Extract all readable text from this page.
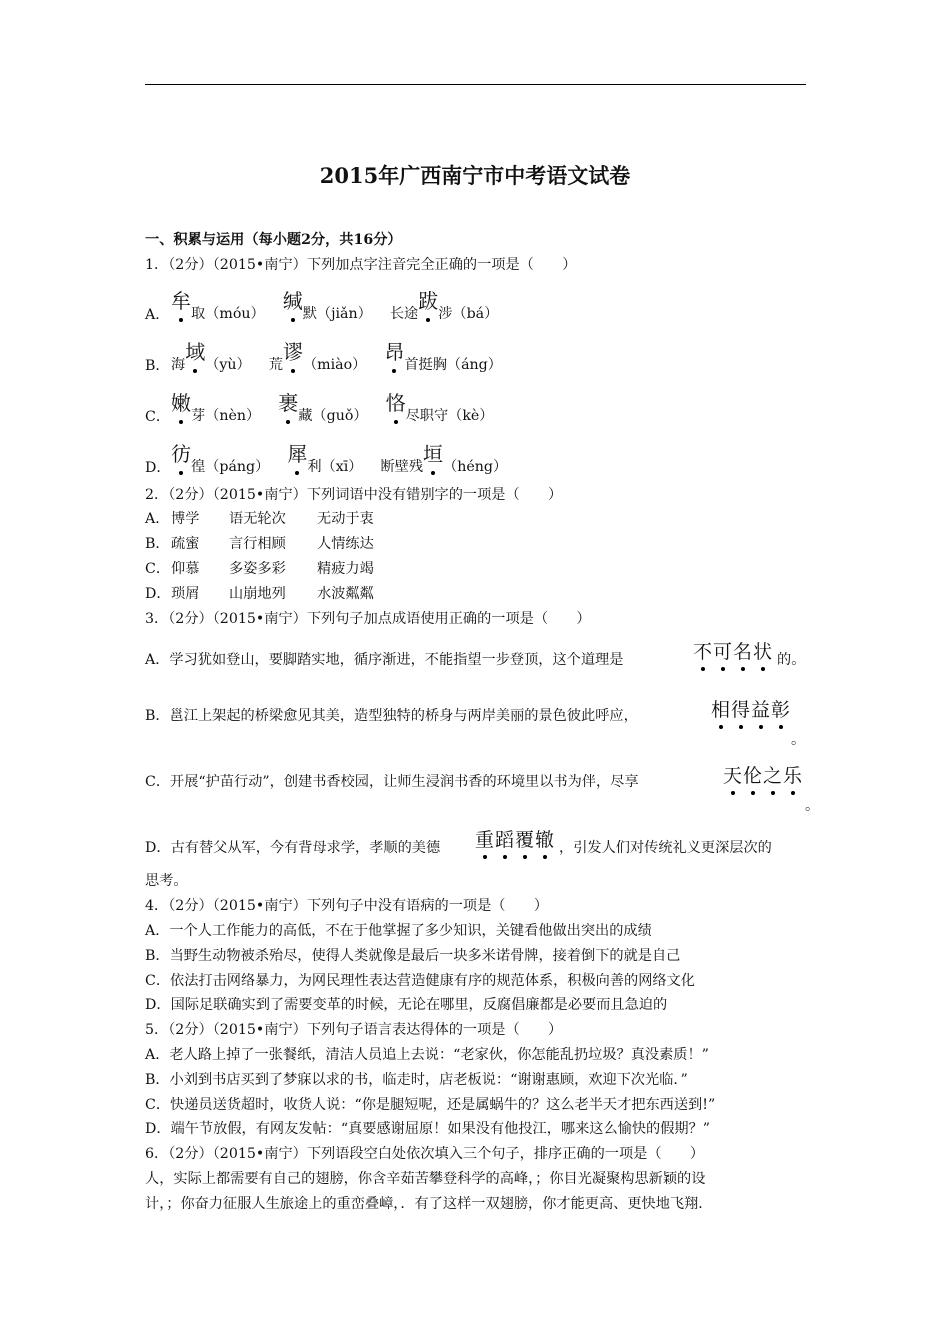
2015年广西南宁市中考语文试卷
一、积累与运用（每小题2分，共16分）
1．（2分）（2015•南宁）下列加点字注音完全正确的一项是（　　）
A．
牟取（móu）
缄默（jiǎn） 长途跋涉（bá）
B． 海域（yù） 荒谬（miào）
昂首挺胸（áng）
C．
嫩芽（nèn）
裹藏（guǒ）
恪尽职守（kè）
D．
彷徨（páng）
犀利（xī） 断壁残垣（héng）
2．（2分）（2015•南宁）下列词语中没有错别字的一项是（　　）
A． 博学 语无轮次 无动于衷
B．疏蜜 言行相顾 人情练达
C．仰慕 多姿多彩 精疲力竭
D．琐屑 山崩地列 水波粼粼
3．（2分）（2015•南宁）下列句子加点成语使用正确的一项是（　　）
A．学习犹如登山，要脚踏实地，循序渐进，不能指望一步登顶，这个道理是	不可名状 的。
B．邕江上架起的桥梁愈见其美，造型独特的桥身与两岸美丽的景色彼此呼应，	相得益彰
。
C．开展“护苗行动”，创建书香校园，让师生浸润书香的环境里以书为伴，尽享	天伦之乐
。
D．古有替父从军，今有背母求学，孝顺的美德 重蹈覆辙 ，引发人们对传统礼义更深层次的
思考。
4．（2分）（2015•南宁）下列句子中没有语病的一项是（　　）
A．一个人工作能力的高低，不在于他掌握了多少知识，关键看他做出突出的成绩
B．当野生动物被杀殆尽，使得人类就像是最后一块多米诺骨牌，接着倒下的就是自己
C．依法打击网络暴力，为网民理性表达营造健康有序的规范体系，积极向善的网络文化
D．国际足联确实到了需要变革的时候，无论在哪里，反腐倡廉都是必要而且急迫的
5．（2分）（2015•南宁）下列句子语言表达得体的一项是（　　）
A．老人路上掉了一张餐纸，清洁人员追上去说：“老家伙，你怎能乱扔垃圾？真没素质！”
B．小刘到书店买到了梦寐以求的书，临走时，店老板说：“谢谢惠顾，欢迎下次光临．”
C．快递员送货超时，收货人说：“你是腿短呢，还是属蜗牛的？这么老半天才把东西送到!”
D．端午节放假，有网友发帖：“真要感谢屈原！如果没有他投江，哪来这么愉快的假期？”
6．（2分）（2015•南宁）下列语段空白处依次填入三个句子，排序正确的一项是（　　）
人，实际上都需要有自己的翅膀，你含辛茹苦攀登科学的高峰，；你目光凝聚构思新颖的设
计，；你奋力征服人生旅途上的重峦叠嶂，．有了这样一双翅膀，你才能更高、更快地飞翔．
